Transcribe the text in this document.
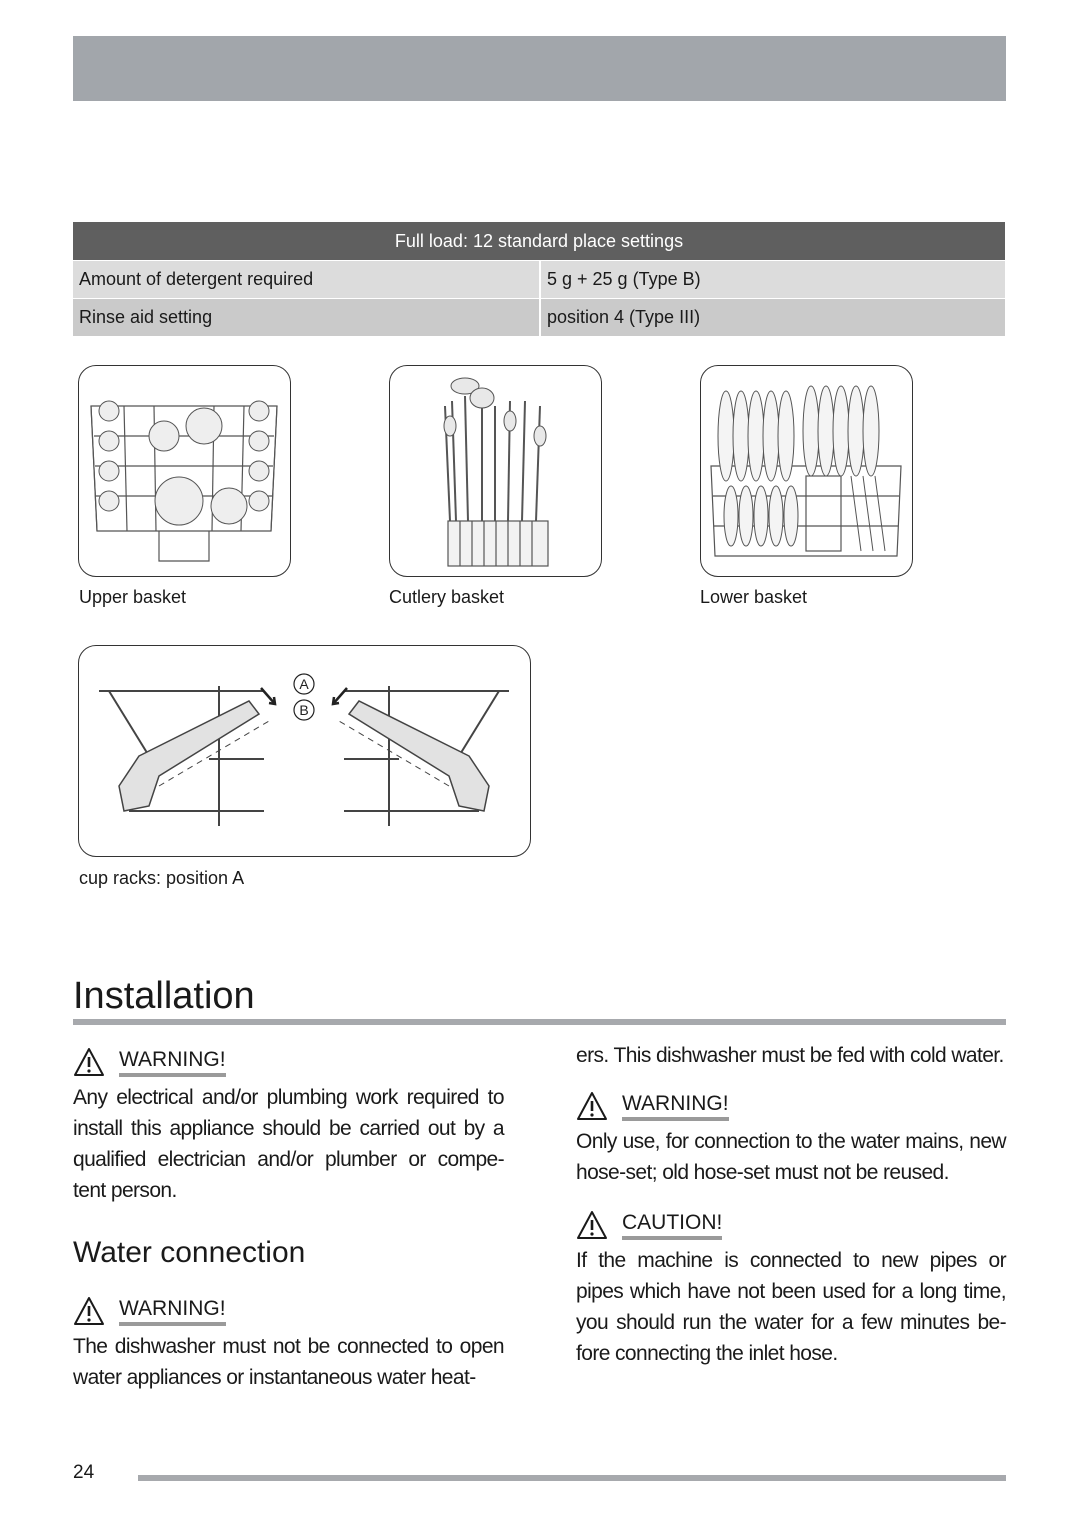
Full load: 12 standard place settings
Amount of detergent required	5 g + 25 g (Type B)
Rinse aid setting	position 4 (Type III)
Upper basket	Cutlery basket	Lower basket
A
B
cup racks: position A
Installation
WARNING!
Any electrical and/or plumbing work required to install this appliance should be carried out by a qualified electrician and/or plumber or compe-tent person.
Water connection
WARNING!
The dishwasher must not be connected to open water appliances or instantaneous water heat-
ers. This dishwasher must be fed with cold water.
WARNING!
Only use, for connection to the water mains, new hose-set; old hose-set must not be reused.
CAUTION!
If the machine is connected to new pipes or pipes which have not been used for a long time, you should run the water for a few minutes be-fore connecting the inlet hose.
24
